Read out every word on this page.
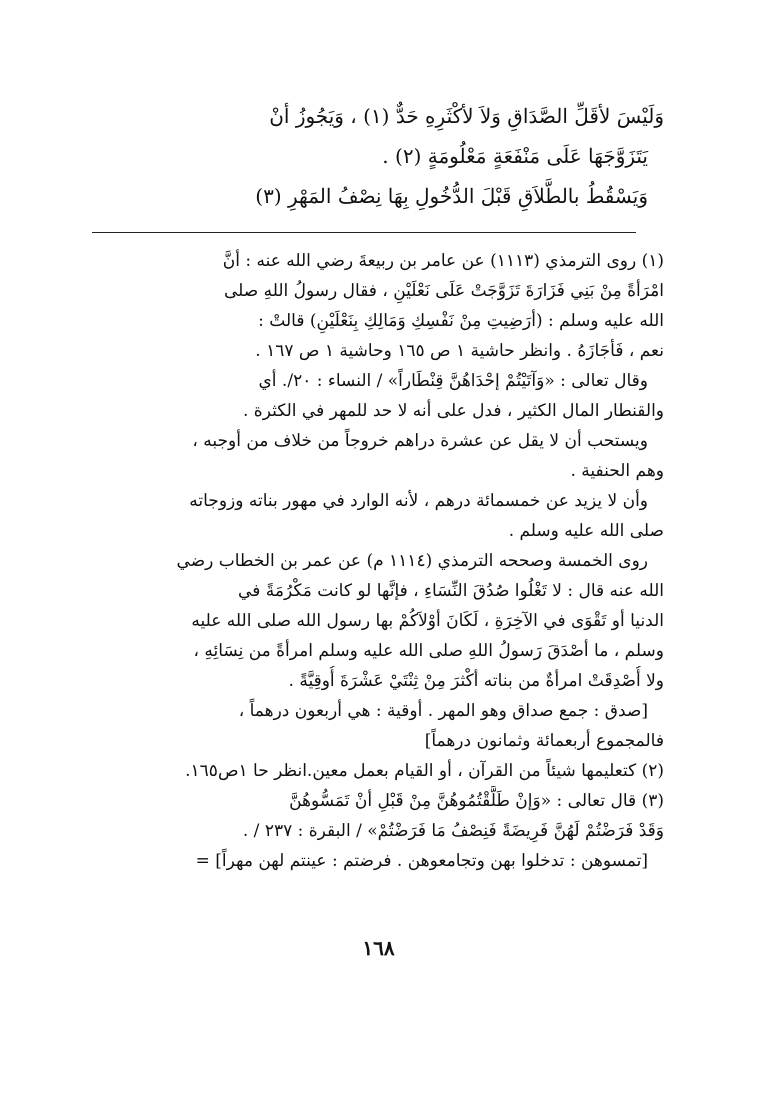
وَلَيْسَ لأقَلِّ الصَّدَاقِ وَلاَ لأكْثَرِهِ حَدٌّ (١) ، وَيَجُوزُ أنْ

يَتَزَوَّجَهَا عَلَى مَنْفَعَةٍ مَعْلُومَةٍ (٢) .

وَيَسْقُطُ بالطَّلاَقِ قَبْلَ الدُّخُولِ بِهَا نِصْفُ المَهْرِ (٣)

(١) روى الترمذي (١١١٣) عن عامر بن ربيعةَ رضي الله عنه : أنَّ

امْرَأةً مِنْ بَنِي فَزَارَةَ تَزَوَّجَتْ عَلَى نَعْلَيْنِ ، فقال رسولُ اللهِ صلى

الله عليه وسلم : (أرَضِيتِ مِنْ نَفْسِكِ وَمَالِكِ بِنَعْلَيْنِ) قالتْ :

نعم ، فَأجَازَهُ . وانظر حاشية ١ ص ١٦٥ وحاشية ١ ص ١٦٧ .

وقال تعالى : «وَآتَيْتُمْ إحْدَاهُنَّ قِنْطَاراً» / النساء : ٢٠/. أي

والقنطار المال الكثير ، فدل على أنه لا حد للمهر في الكثرة .

ويستحب أن لا يقل عن عشرة دراهم خروجاً من خلاف من أوجبه ،

وهم الحنفية .

وأن لا يزيد عن خمسمائة درهم ، لأنه الوارد في مهور بناته وزوجاته

صلى الله عليه وسلم .

روى الخمسة وصححه الترمذي (١١١٤ م) عن عمر بن الخطاب رضي

الله عنه قال : لا تَغْلُوا صُدُقَ النِّسَاءِ ، فإنَّها لو كانت مَكْرُمَةً في

الدنيا أو تَقْوَى في الآخِرَةِ ، لَكَانَ أوْلاَكُمْ بها رسول الله صلى الله عليه

وسلم ، ما أصْدَقَ رَسولُ اللهِ صلى الله عليه وسلم امرأةً من نِسَائِهِ ،

ولا أُصْدِقَتْ امرأةٌ من بناته أكْثرَ مِنْ ثِنْتَيْ عَشْرَةَ أُوقِيَّةً .

[صدق : جمع صداق وهو المهر . أوقية : هي أربعون درهماً ،

فالمجموع أربعمائة وثمانون درهماً]

(٢) كتعليمها شيئاً من القرآن ، أو القيام بعمل معين.انظر حا ١ص١٦٥.

(٣) قال تعالى : «وَإنْ طَلَّقْتُمُوهُنَّ مِنْ قَبْلِ أنْ تَمَسُّوهُنَّ

وَقَدْ فَرَضْتُمْ لَهُنَّ فَرِيضَةً فَنِصْفُ مَا فَرَضْتُمْ» / البقرة : ٢٣٧ / .

[تمسوهن : تدخلوا بهن وتجامعوهن . فرضتم : عينتم لهن مهراً] =

١٦٨
